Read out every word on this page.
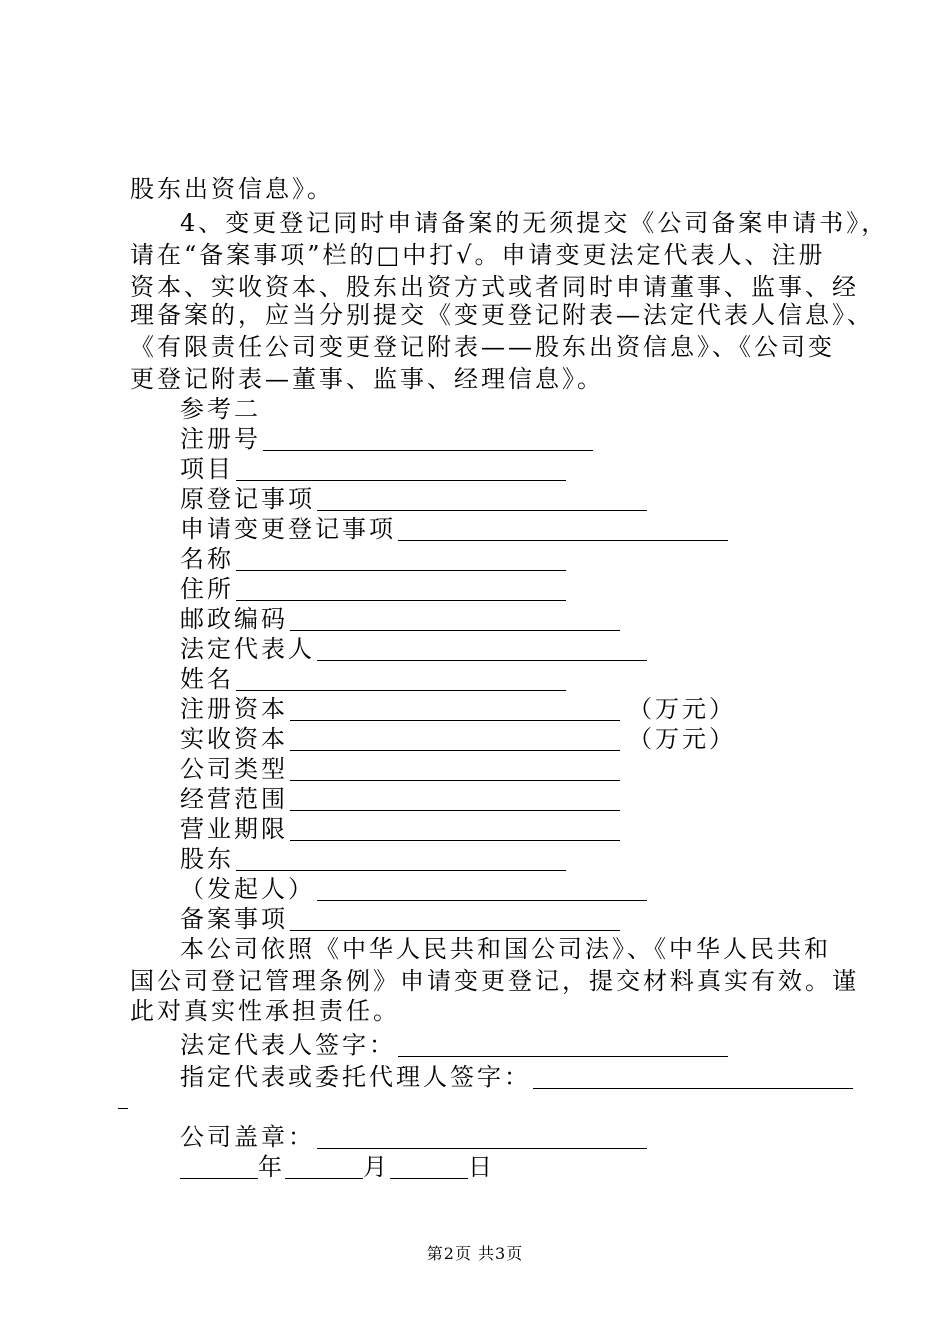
股东出资信息》。
4、变更登记同时申请备案的无须提交《公司备案申请书》，
请在“备案事项”栏的□中打√。申请变更法定代表人、注册
资本、实收资本、股东出资方式或者同时申请董事、监事、经
理备案的，应当分别提交《变更登记附表—法定代表人信息》、
《有限责任公司变更登记附表——股东出资信息》、《公司变
更登记附表—董事、监事、经理信息》。
参考二
注册号
项目
原登记事项
申请变更登记事项
名称
住所
邮政编码
法定代表人
姓名
注册资本	（万元）
实收资本	（万元）
公司类型
经营范围
营业期限
股东
（发起人）
备案事项
本公司依照《中华人民共和国公司法》、《中华人民共和
国公司登记管理条例》申请变更登记，提交材料真实有效。谨
此对真实性承担责任。
法定代表人签字：
指定代表或委托代理人签字：
公司盖章：
年	月	日
第2页 共3页
